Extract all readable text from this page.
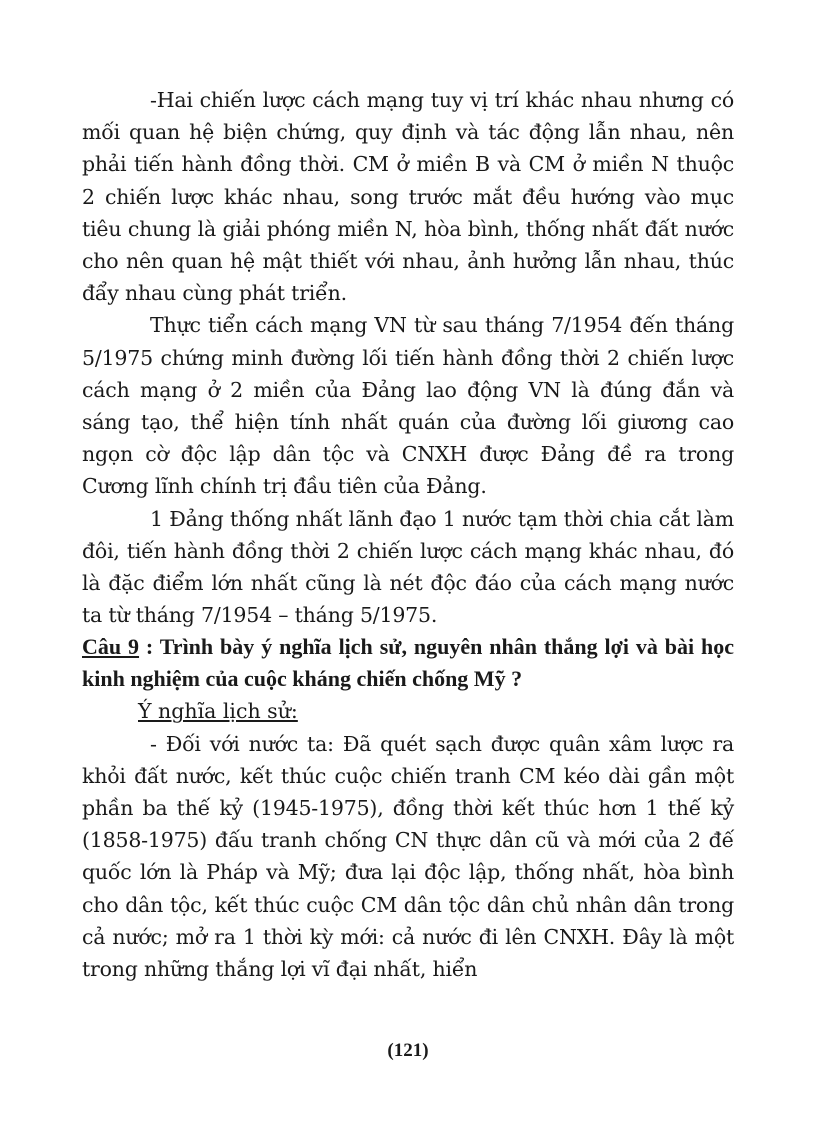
-Hai chiến lược cách mạng tuy vị trí khác nhau nhưng có mối quan hệ biện chứng, quy định và tác động lẫn nhau, nên phải tiến hành đồng thời. CM ở miền B và CM ở miền N thuộc 2 chiến lược khác nhau, song trước mắt đều hướng vào mục tiêu chung là giải phóng miền N, hòa bình, thống nhất đất nước cho nên quan hệ mật thiết với nhau, ảnh hưởng lẫn nhau, thúc đẩy nhau cùng phát triển.

Thực tiển cách mạng VN từ sau tháng 7/1954 đến tháng 5/1975 chứng minh đường lối tiến hành đồng thời 2 chiến lược cách mạng ở 2 miền của Đảng lao động VN là đúng đắn và sáng tạo, thể hiện tính nhất quán của đường lối giương cao ngọn cờ độc lập dân tộc và CNXH được Đảng đề ra trong Cương lĩnh chính trị đầu tiên của Đảng.

1 Đảng thống nhất lãnh đạo 1 nước tạm thời chia cắt làm đôi, tiến hành đồng thời 2 chiến lược cách mạng khác nhau, đó là đặc điểm lớn nhất cũng là nét độc đáo của cách mạng nước ta từ tháng 7/1954 – tháng 5/1975.

Câu 9 : Trình bày ý nghĩa lịch sử, nguyên nhân thắng lợi và bài học kinh nghiệm của cuộc kháng chiến chống Mỹ ?

Ý nghĩa lịch sử:

- Đối với nước ta: Đã quét sạch được quân xâm lược ra khỏi đất nước, kết thúc cuộc chiến tranh CM kéo dài gần một phần ba thế kỷ (1945-1975), đồng thời kết thúc hơn 1 thế kỷ (1858-1975) đấu tranh chống CN thực dân cũ và mới của 2 đế quốc lớn là Pháp và Mỹ; đưa lại độc lập, thống nhất, hòa bình cho dân tộc, kết thúc cuộc CM dân tộc dân chủ nhân dân trong cả nước; mở ra 1 thời kỳ mới: cả nước đi lên CNXH. Đây là một trong những thắng lợi vĩ đại nhất, hiển

(121)
